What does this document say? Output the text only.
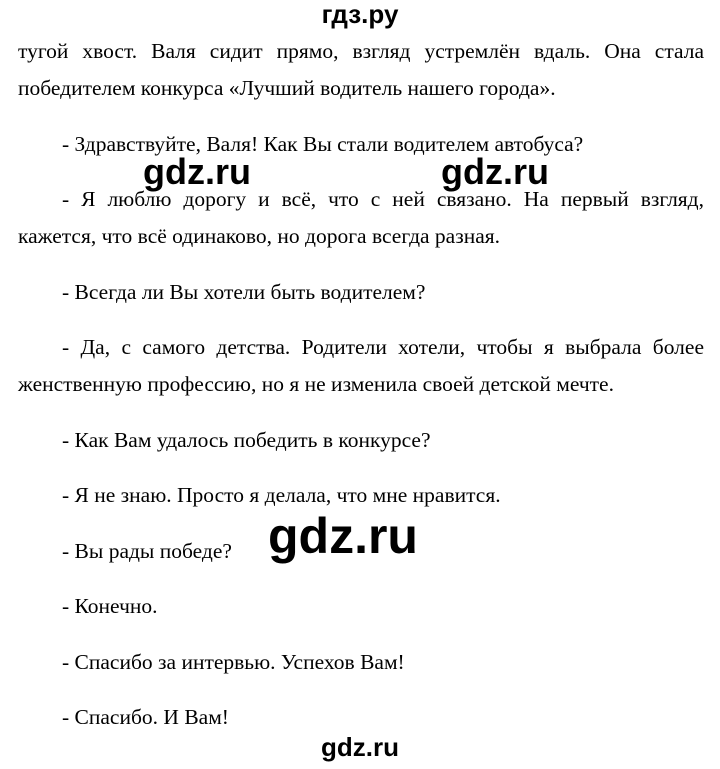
гдз.ру
тугой хвост. Валя сидит прямо, взгляд устремлён вдаль. Она стала
победителем конкурса «Лучший водитель нашего города».
- Здравствуйте, Валя! Как Вы стали водителем автобуса?
- Я люблю дорогу и всё, что с ней связано. На первый взгляд,
кажется, что всё одинаково, но дорога всегда разная.
- Всегда ли Вы хотели быть водителем?
- Да, с самого детства. Родители хотели, чтобы я выбрала более
женственную профессию, но я не изменила своей детской мечте.
- Как Вам удалось победить в конкурсе?
- Я не знаю. Просто я делала, что мне нравится.
- Вы рады победе?
- Конечно.
- Спасибо за интервью. Успехов Вам!
- Спасибо. И Вам!
gdz.ru	gdz.ru
gdz.ru
gdz.ru
